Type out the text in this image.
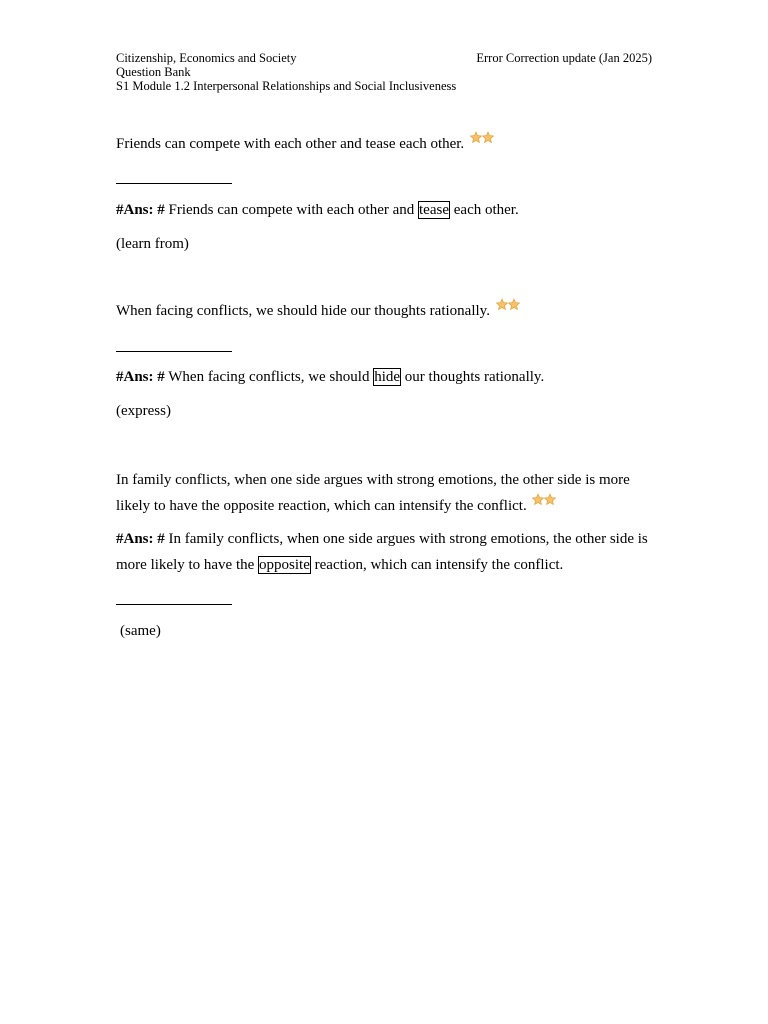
Citizenship, Economics and Society	Error Correction update (Jan 2025)
Question Bank
S1 Module 1.2 Interpersonal Relationships and Social Inclusiveness
Friends can compete with each other and tease each other.
#Ans: # Friends can compete with each other and tease each other.
(learn from)
When facing conflicts, we should hide our thoughts rationally.
#Ans: # When facing conflicts, we should hide our thoughts rationally.
(express)
In family conflicts, when one side argues with strong emotions, the other side is more likely to have the opposite reaction, which can intensify the conflict.
#Ans: # In family conflicts, when one side argues with strong emotions, the other side is more likely to have the opposite reaction, which can intensify the conflict.
(same)
